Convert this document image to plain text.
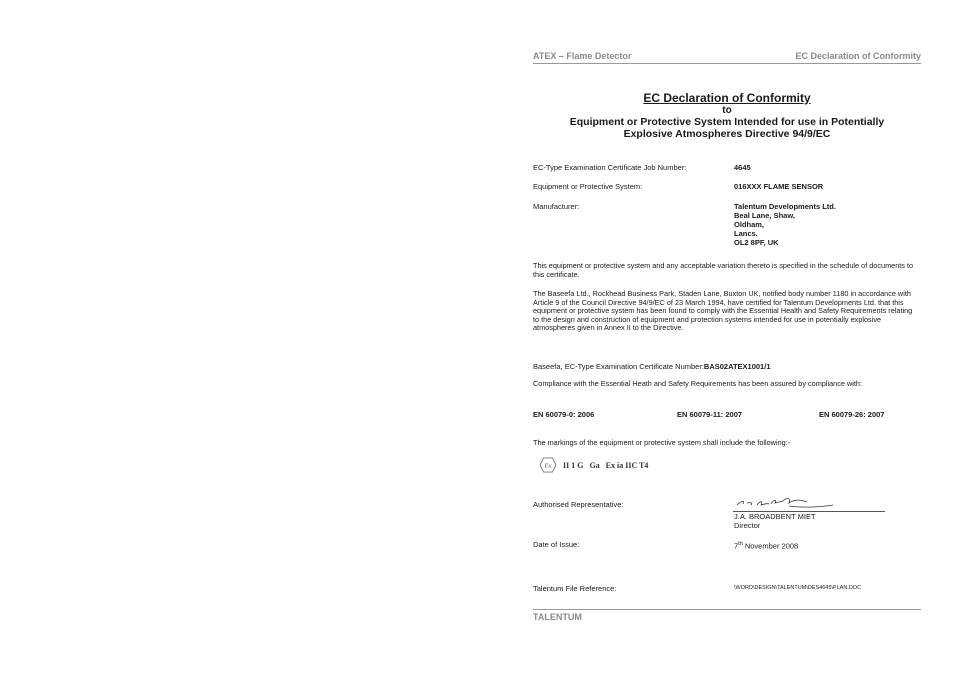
ATEX – Flame Detector	EC Declaration of Conformity
EC Declaration of Conformity
to
Equipment or Protective System Intended for use in Potentially
Explosive Atmospheres Directive 94/9/EC
EC-Type Examination Certificate Job Number:	4645
Equipment or Protective System:	016XXX FLAME SENSOR
Manufacturer:	Talentum Developments Ltd.
Beal Lane, Shaw,
Oldham,
Lancs.
OL2 8PF, UK
This equipment or protective system and any acceptable variation thereto is specified in the schedule of documents to this certificate.
The Baseefa Ltd., Rockhead Business Park, Staden Lane, Buxton UK, notified body number 1180 in accordance with Article 9 of the Council Directive 94/9/EC of 23 March 1994, have certified for Talentum Developments Ltd. that this equipment or protective system has been found to comply with the Essential Health and Safety Requirements relating to the design and construction of equipment and protection systems intended for use in potentially explosive atmospheres given in Annex II to the Directive.
Baseefa, EC-Type Examination Certificate Number:BAS02ATEX1001/1
Compliance with the Essential Heath and Safety Requirements has been assured by compliance with:
EN 60079-0: 2006	EN 60079-11: 2007	EN 60079-26: 2007
The markings of the equipment or protective system shall include the following:-
Ex II 1 G   Ga   Ex ia IIC T4
Authorised Representative:
J.A. BROADBENT MIET
Director
Date of Issue:	7th November 2008
Talentum File Reference:	\WORD\DESIGN\TALENTUM\DES4645\PLAN.DOC
TALENTUM
